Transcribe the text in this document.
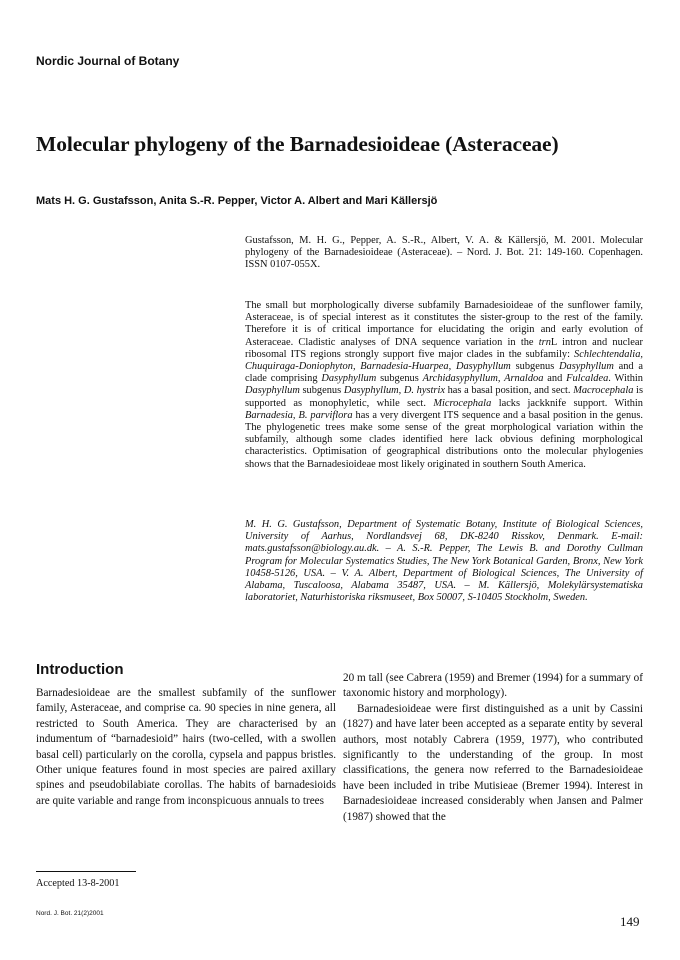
Nordic Journal of Botany
Molecular phylogeny of the Barnadesioideae (Asteraceae)
Mats H. G. Gustafsson, Anita S.-R. Pepper, Victor A. Albert and Mari Källersjö
Gustafsson, M. H. G., Pepper, A. S.-R., Albert, V. A. & Källersjö, M. 2001. Molecular phylogeny of the Barnadesioideae (Asteraceae). – Nord. J. Bot. 21: 149-160. Copenhagen. ISSN 0107-055X.

The small but morphologically diverse subfamily Barnadesioideae of the sunflower family, Asteraceae, is of special interest as it constitutes the sister-group to the rest of the family. Therefore it is of critical importance for elucidating the origin and early evolution of Asteraceae. Cladistic analyses of DNA sequence variation in the trnL intron and nuclear ribosomal ITS regions strongly support five major clades in the subfamily: Schlechtendalia, Chuquiraga-Doniophyton, Barnadesia-Huarpea, Dasyphyllum subgenus Dasyphyllum and a clade comprising Dasyphyllum subgenus Archidasyphyllum, Arnaldoa and Fulcaldea. Within Dasyphyllum subgenus Dasyphyllum, D. hystrix has a basal position, and sect. Macrocephala is supported as monophyletic, while sect. Microcephala lacks jackknife support. Within Barnadesia, B. parviflora has a very divergent ITS sequence and a basal position in the genus. The phylogenetic trees make some sense of the great morphological variation within the subfamily, although some clades identified here lack obvious defining morphological characteristics. Optimisation of geographical distributions onto the molecular phylogenies shows that the Barnadesioideae most likely originated in southern South America.

M. H. G. Gustafsson, Department of Systematic Botany, Institute of Biological Sciences, University of Aarhus, Nordlandsvej 68, DK-8240 Risskov, Denmark. E-mail: mats.gustafsson@biology.au.dk. – A. S.-R. Pepper, The Lewis B. and Dorothy Cullman Program for Molecular Systematics Studies, The New York Botanical Garden, Bronx, New York 10458-5126, USA. – V. A. Albert, Department of Biological Sciences, The University of Alabama, Tuscaloosa, Alabama 35487, USA. – M. Källersjö, Molekylärsystematiska laboratoriet, Naturhistoriska riksmuseet, Box 50007, S-10405 Stockholm, Sweden.
Introduction
Barnadesioideae are the smallest subfamily of the sunflower family, Asteraceae, and comprise ca. 90 species in nine genera, all restricted to South America. They are characterised by an indumentum of “barnadesioid” hairs (two-celled, with a swollen basal cell) particularly on the corolla, cypsela and pappus bristles. Other unique features found in most species are paired axillary spines and pseudobilabiate corollas. The habits of barnadesioids are quite variable and range from inconspicuous annuals to trees

20 m tall (see Cabrera (1959) and Bremer (1994) for a summary of taxonomic history and morphology).

Barnadesioideae were first distinguished as a unit by Cassini (1827) and have later been accepted as a separate entity by several authors, most notably Cabrera (1959, 1977), who contributed significantly to the understanding of the group. In most classifications, the genera now referred to the Barnadesioideae have been included in tribe Mutisieae (Bremer 1994). Interest in Barnadesioideae increased considerably when Jansen and Palmer (1987) showed that the

Accepted 13-8-2001
Nord. J. Bot. 21(2)2001
149
